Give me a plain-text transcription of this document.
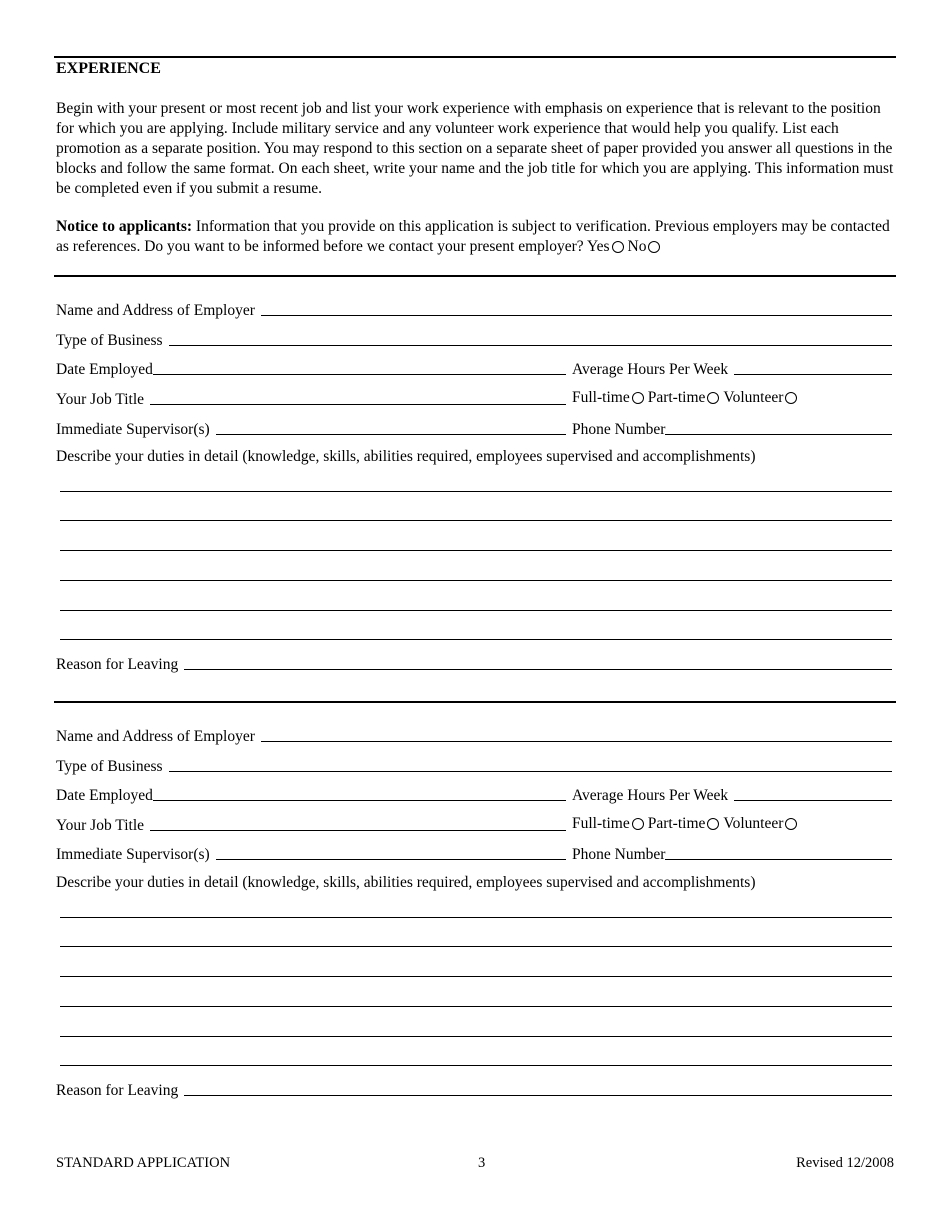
EXPERIENCE
Begin with your present or most recent job and list your work experience with emphasis on experience that is relevant to the position for which you are applying. Include military service and any volunteer work experience that would help you qualify. List each promotion as a separate position. You may respond to this section on a separate sheet of paper provided you answer all questions in the blocks and follow the same format. On each sheet, write your name and the job title for which you are applying. This information must be completed even if you submit a resume.
Notice to applicants: Information that you provide on this application is subject to verification. Previous employers may be contacted as references. Do you want to be informed before we contact your present employer? Yes No
Name and Address of Employer
Type of Business
Date Employed	Average Hours Per Week
Your Job Title	Full-time Part-time Volunteer
Immediate Supervisor(s)	Phone Number
Describe your duties in detail (knowledge, skills, abilities required, employees supervised and accomplishments)
Reason for Leaving
Name and Address of Employer
Type of Business
Date Employed	Average Hours Per Week
Your Job Title	Full-time Part-time Volunteer
Immediate Supervisor(s)	Phone Number
Describe your duties in detail (knowledge, skills, abilities required, employees supervised and accomplishments)
Reason for Leaving
STANDARD APPLICATION	3	Revised 12/2008
